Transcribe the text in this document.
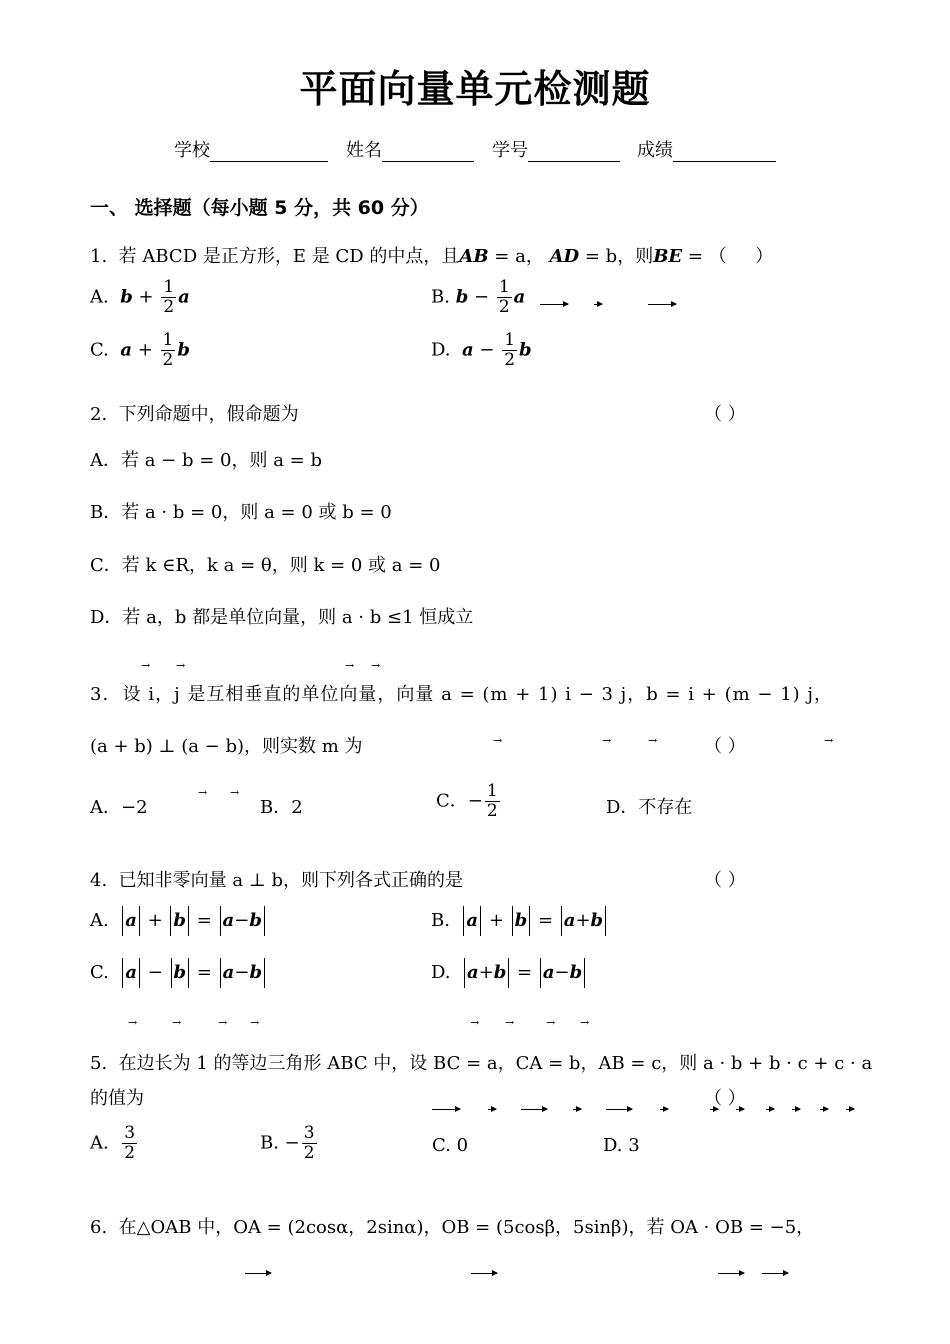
平面向量单元检测题
学校	姓名	学号	成绩
一、 选择题（每小题 5 分，共 60 分）
1. 若 ABCD 是正方形，E 是 CD 的中点，且AB = a， AD = b，则BE = （ ）
A. $b + \frac{1}{2}$ a	B. $b - \frac{1}{2}$ a
C. $a + \frac{1}{2}$ b	D. $a - \frac{1}{2}$ b
2. 下列命题中，假命题为	（ ）
A．若 a − b = 0，则 a = b
B．若 a · b = 0，则 a = 0 或 b = 0
C．若 k ∈R，k a = θ，则 k = 0 或 a = 0
D．若 a，b 都是单位向量，则 a · b ≤1 恒成立
3. 设 i，j 是互相垂直的单位向量，向量 a = (m + 1) i − 3 j，b = i + (m − 1) j，
(a + b) ⊥ (a − b)，则实数 m 为	（ ）
A．−2	B．2	C．− $\frac{1}{2}$	D．不存在
→ →	→ →
→	→	→	→
→ →
4. 已知非零向量 a ⊥ b，则下列各式正确的是	（ ）
A. a + b = a−b	B. a + b = a+b
C. a − b = a−b	D. a+b = a−b
→	→	→ →	→ →	→ →
5. 在边长为 1 的等边三角形 ABC 中，设 BC = a，CA = b，AB = c，则 a · b + b · c + c · a
的值为	（ ）
A. $\frac{3}{2}$	B. − $\frac{3}{2}$	C. 0	D. 3
6. 在△OAB 中，OA = (2cosα，2sinα)，OB = (5cosβ，5sinβ)，若 OA · OB = −5，
